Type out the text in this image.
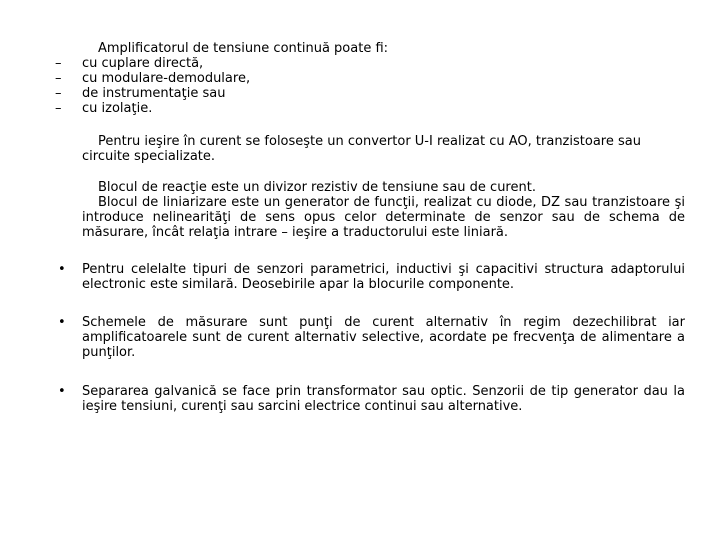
Amplificatorul de tensiune continuă poate fi:
–	cu cuplare directă,
–	cu modulare-demodulare,
–	de instrumentaţie sau
–	cu izolaţie.
Pentru ieşire în curent se foloseşte un convertor U-I realizat cu AO, tranzistoare sau circuite specializate.
Blocul de reacţie este un divizor rezistiv de tensiune sau de curent.
Blocul de liniarizare este un generator de funcţii, realizat cu diode, DZ sau tranzistoare şi introduce nelinearităţi de sens opus celor determinate de senzor sau de schema de măsurare, încât relaţia intrare – ieşire a traductorului este liniară.
• Pentru celelalte tipuri de senzori parametrici, inductivi şi capacitivi structura adaptorului electronic este similară. Deosebirile apar la blocurile componente.
• Schemele de măsurare sunt punţi de curent alternativ în regim dezechilibrat iar amplificatoarele sunt de curent alternativ selective, acordate pe frecvenţa de alimentare a punţilor.
• Separarea galvanică se face prin transformator sau optic. Senzorii de tip generator dau la ieşire tensiuni, curenţi sau sarcini electrice continui sau alternative.
